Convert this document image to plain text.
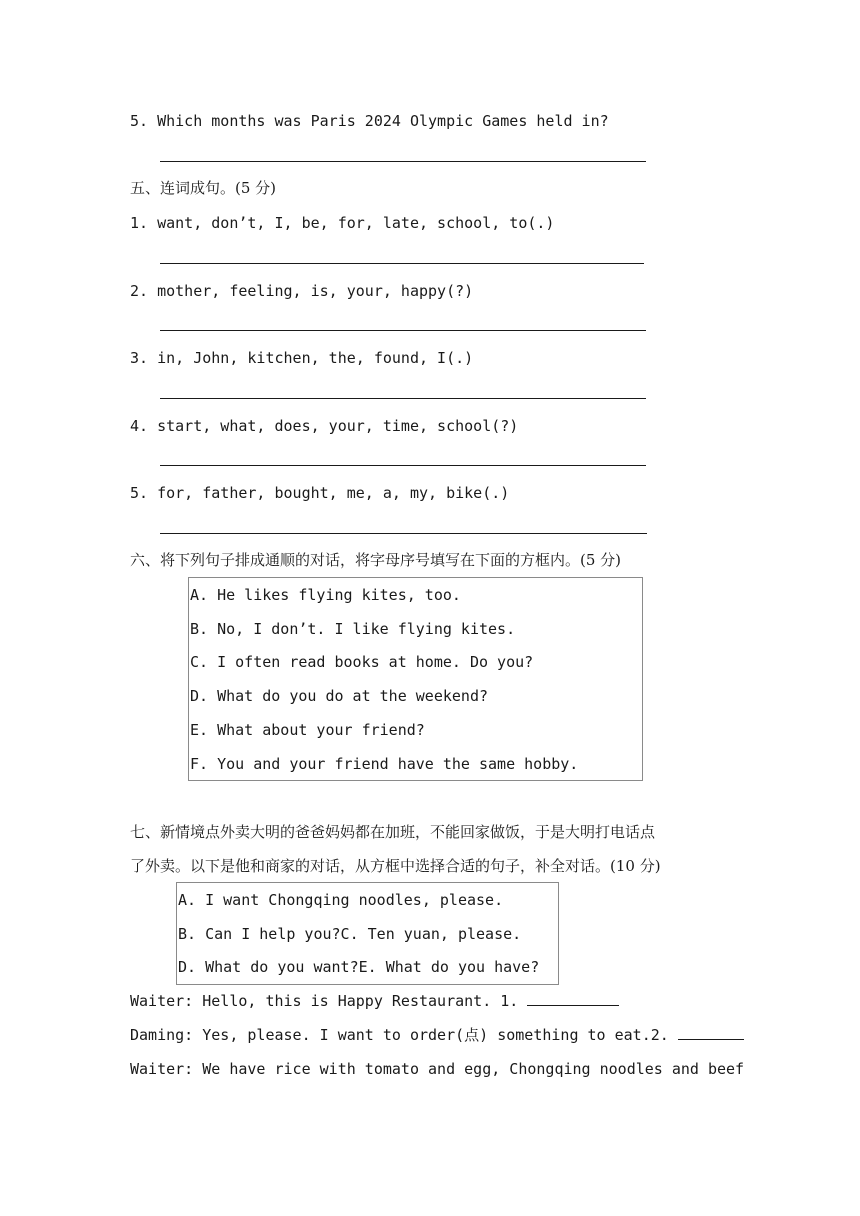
5. Which months was Paris 2024 Olympic Games held in?
五、连词成句。(5 分)
1. want, don’t, I, be, for, late, school, to(.)
2. mother, feeling, is, your, happy(?)
3. in, John, kitchen, the, found, I(.)
4. start, what, does, your, time, school(?)
5. for, father, bought, me, a, my, bike(.)
六、将下列句子排成通顺的对话，将字母序号填写在下面的方框内。(5 分)
A. He likes flying kites, too.
B. No, I don’t. I like flying kites.
C. I often read books at home. Do you?
D. What do you do at the weekend?
E. What about your friend?
F. You and your friend have the same hobby.
七、新情境点外卖大明的爸爸妈妈都在加班，不能回家做饭，于是大明打电话点
了外卖。以下是他和商家的对话，从方框中选择合适的句子，补全对话。(10 分)
A. I want Chongqing noodles, please.
B. Can I help you?C. Ten yuan, please.
D. What do you want?E. What do you have?
Waiter: Hello, this is Happy Restaurant. 1.
Daming: Yes, please. I want to order(点) something to eat.2.
Waiter: We have rice with tomato and egg, Chongqing noodles and beef
